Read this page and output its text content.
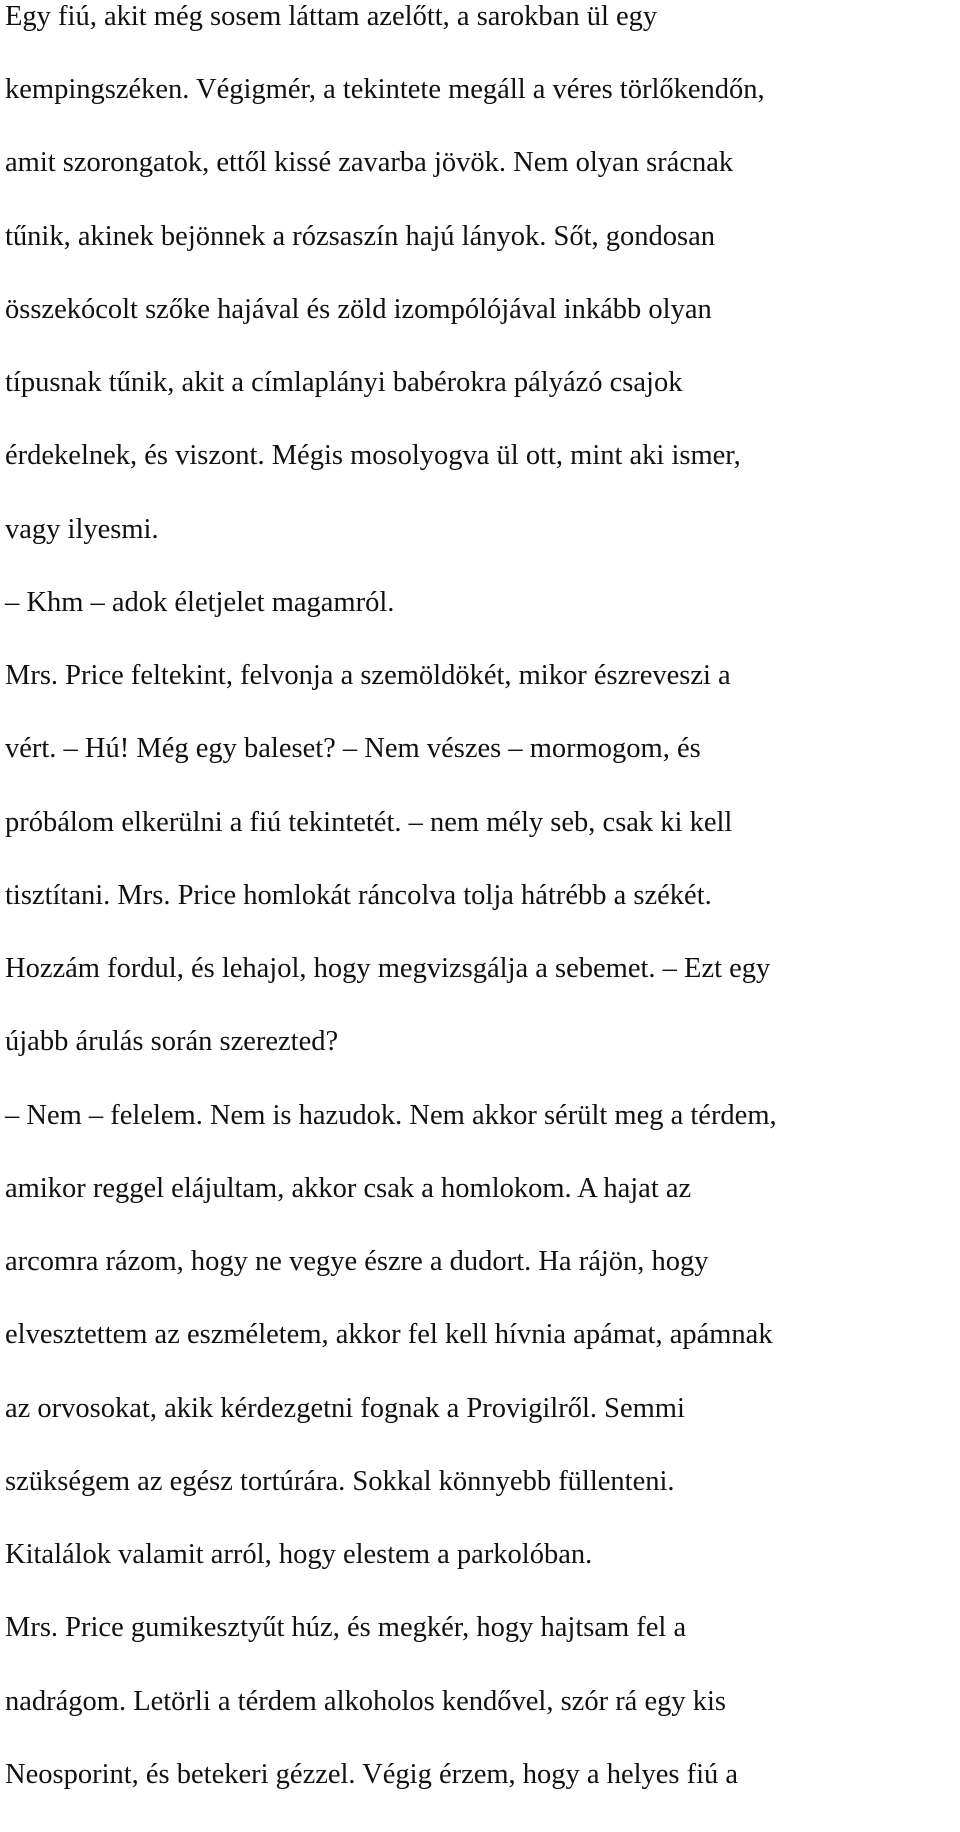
Egy fiú, akit még sosem láttam azelőtt, a sarokban ül egy

kempingszéken. Végigmér, a tekintete megáll a véres törlőkendőn,

amit szorongatok, ettől kissé zavarba jövök. Nem olyan srácnak

tűnik, akinek bejönnek a rózsaszín hajú lányok. Sőt, gondosan

összekócolt szőke hajával és zöld izompólójával inkább olyan

típusnak tűnik, akit a címlaplányi babérokra pályázó csajok

érdekelnek, és viszont. Mégis mosolyogva ül ott, mint aki ismer,

vagy ilyesmi.

– Khm – adok életjelet magamról.

Mrs. Price feltekint, felvonja a szemöldökét, mikor észreveszi a

vért. – Hú! Még egy baleset? – Nem vészes – mormogom, és

próbálom elkerülni a fiú tekintetét. – nem mély seb, csak ki kell

tisztítani. Mrs. Price homlokát ráncolva tolja hátrébb a székét.

Hozzám fordul, és lehajol, hogy megvizsgálja a sebemet. – Ezt egy

újabb árulás során szerezted?

– Nem – felelem. Nem is hazudok. Nem akkor sérült meg a térdem,

amikor reggel elájultam, akkor csak a homlokom. A hajat az

arcomra rázom, hogy ne vegye észre a dudort. Ha rájön, hogy

elvesztettem az eszméletem, akkor fel kell hívnia apámat, apámnak

az orvosokat, akik kérdezgetni fognak a Provigilről. Semmi

szükségem az egész tortúrára. Sokkal könnyebb füllenteni.

Kitalálok valamit arról, hogy elestem a parkolóban.

Mrs. Price gumikesztyűt húz, és megkér, hogy hajtsam fel a

nadrágom. Letörli a térdem alkoholos kendővel, szór rá egy kis

Neosporint, és betekeri gézzel. Végig érzem, hogy a helyes fiú a
